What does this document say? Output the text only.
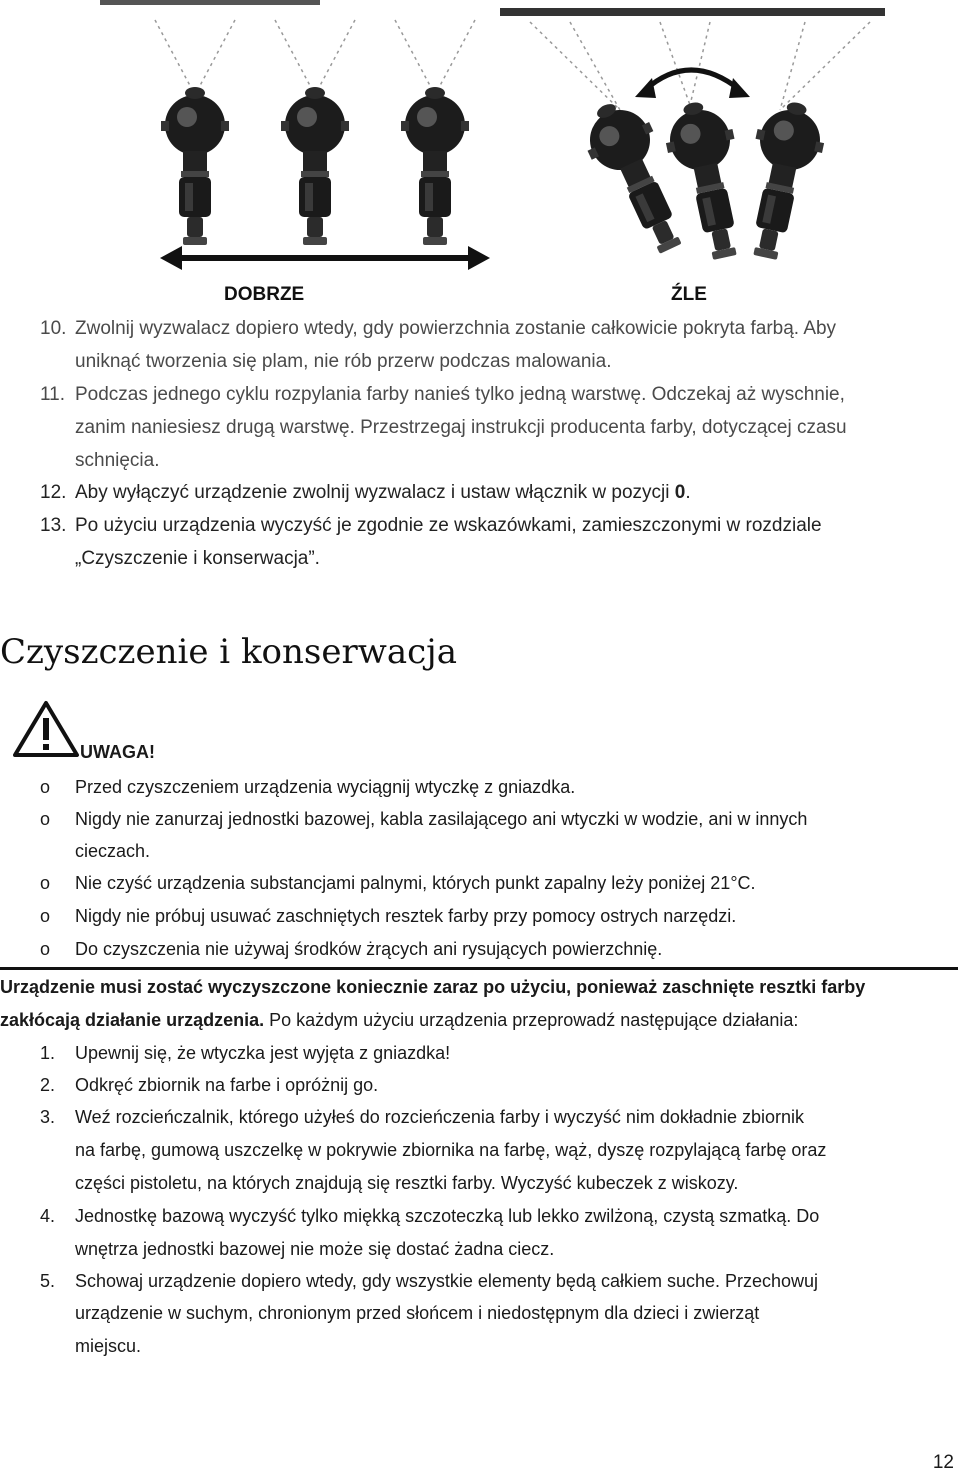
DOBRZE	ŹLE
10. Zwolnij wyzwalacz dopiero wtedy, gdy powierzchnia zostanie całkowicie pokryta farbą. Aby
uniknąć tworzenia się plam, nie rób przerw podczas malowania.
11. Podczas jednego cyklu rozpylania farby nanieś tylko jedną warstwę. Odczekaj aż wyschnie,
zanim naniesiesz drugą warstwę. Przestrzegaj instrukcji producenta farby, dotyczącej czasu
schnięcia.
12. Aby wyłączyć urządzenie zwolnij wyzwalacz i ustaw włącznik w pozycji 0.
13. Po użyciu urządzenia wyczyść je zgodnie ze wskazówkami, zamieszczonymi w rozdziale
„Czyszczenie i konserwacja”.
Czyszczenie i konserwacja
UWAGA!
o Przed czyszczeniem urządzenia wyciągnij wtyczkę z gniazdka.
o Nigdy nie zanurzaj jednostki bazowej, kabla zasilającego ani wtyczki w wodzie, ani w innych
cieczach.
o Nie czyść urządzenia substancjami palnymi, których punkt zapalny leży poniżej 21°C.
o Nigdy nie próbuj usuwać zaschniętych resztek farby przy pomocy ostrych narzędzi.
o Do czyszczenia nie używaj środków żrących ani rysujących powierzchnię.
Urządzenie musi zostać wyczyszczone koniecznie zaraz po użyciu, ponieważ zaschnięte resztki farby
zakłócają działanie urządzenia. Po każdym użyciu urządzenia przeprowadź następujące działania:
1. Upewnij się, że wtyczka jest wyjęta z gniazdka!
2. Odkręć zbiornik na farbe i opróżnij go.
3. Weź rozcieńczalnik, którego użyłeś do rozcieńczenia farby i wyczyść nim dokładnie zbiornik
na farbę, gumową uszczelkę w pokrywie zbiornika na farbę, wąż, dyszę rozpylającą farbę oraz
części pistoletu, na których znajdują się resztki farby. Wyczyść kubeczek z wiskozy.
4. Jednostkę bazową wyczyść tylko miękką szczoteczką lub lekko zwilżoną, czystą szmatką. Do
wnętrza jednostki bazowej nie może się dostać żadna ciecz.
5. Schowaj urządzenie dopiero wtedy, gdy wszystkie elementy będą całkiem suche. Przechowuj
urządzenie w suchym, chronionym przed słońcem i niedostępnym dla dzieci i zwierząt
miejscu.
12
